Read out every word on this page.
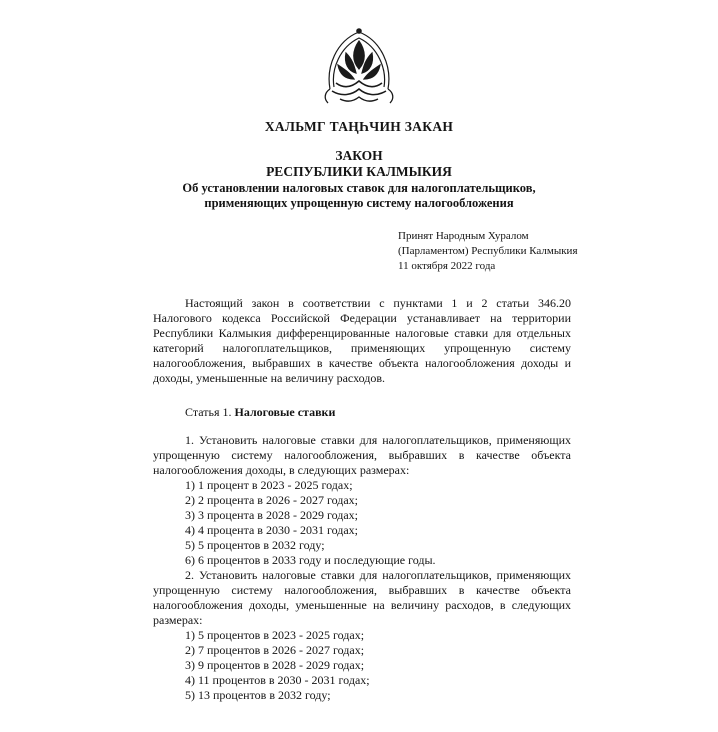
ХАЛЬМГ ТАҢҺЧИН ЗАКАН
ЗАКОН
РЕСПУБЛИКИ КАЛМЫКИЯ
Об установлении налоговых ставок для налогоплательщиков,
применяющих упрощенную систему налогообложения
Принят Народным Хуралом
(Парламентом) Республики Калмыкия
11 октября 2022 года
Настоящий закон в соответствии с пунктами 1 и 2 статьи 346.20
Налогового кодекса Российской Федерации устанавливает на территории
Республики Калмыкия дифференцированные налоговые ставки для отдельных
категорий налогоплательщиков, применяющих упрощенную систему
налогообложения, выбравших в качестве объекта налогообложения доходы и
доходы, уменьшенные на величину расходов.
Статья 1. Налоговые ставки
1. Установить налоговые ставки для налогоплательщиков, применяющих
упрощенную систему налогообложения, выбравших в качестве объекта
налогообложения доходы, в следующих размерах:
1) 1 процент в 2023 - 2025 годах;
2) 2 процента в 2026 - 2027 годах;
3) 3 процента в 2028 - 2029 годах;
4) 4 процента в 2030 - 2031 годах;
5) 5 процентов в 2032 году;
6) 6 процентов в 2033 году и последующие годы.
2. Установить налоговые ставки для налогоплательщиков, применяющих
упрощенную систему налогообложения, выбравших в качестве объекта
налогообложения доходы, уменьшенные на величину расходов, в следующих
размерах:
1) 5 процентов в 2023 - 2025 годах;
2) 7 процентов в 2026 - 2027 годах;
3) 9 процентов в 2028 - 2029 годах;
4) 11 процентов в 2030 - 2031 годах;
5) 13 процентов в 2032 году;
